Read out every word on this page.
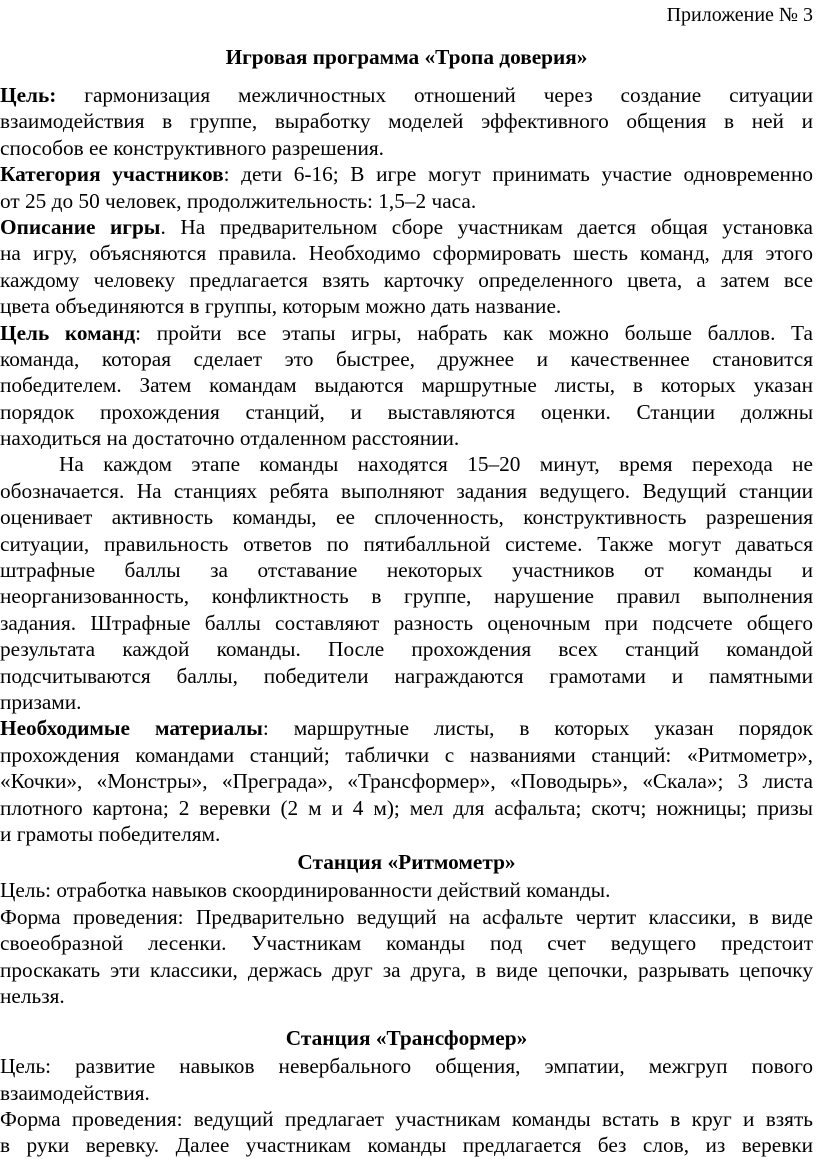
Приложение № 3
Игровая программа «Тропа доверия»
Цель: гармонизация межличностных отношений через создание ситуации
взаимодействия в группе, выработку моделей эффективного общения в ней и
способов ее конструктивного разрешения.
Категория участников: дети 6-16; В игре могут принимать участие одновременно
от 25 до 50 человек, продолжительность: 1,5–2 часа.
Описание игры. На предварительном сборе участникам дается общая установка
на игру, объясняются правила. Необходимо сформировать шесть команд, для этого
каждому человеку предлагается взять карточку определенного цвета, а затем все
цвета объединяются в группы, которым можно дать название.
Цель команд: пройти все этапы игры, набрать как можно больше баллов. Та
команда, которая сделает это быстрее, дружнее и качественнее становится
победителем. Затем командам выдаются маршрутные листы, в которых указан
порядок прохождения станций, и выставляются оценки. Станции должны
находиться на достаточно отдаленном расстоянии.
На каждом этапе команды находятся 15–20 минут, время перехода не
обозначается. На станциях ребята выполняют задания ведущего. Ведущий станции
оценивает активность команды, ее сплоченность, конструктивность разрешения
ситуации, правильность ответов по пятибалльной системе. Также могут даваться
штрафные баллы за отставание некоторых участников от команды и
неорганизованность, конфликтность в группе, нарушение правил выполнения
задания. Штрафные баллы составляют разность оценочным при подсчете общего
результата каждой команды. После прохождения всех станций командой
подсчитываются баллы, победители награждаются грамотами и памятными
призами.
Необходимые материалы: маршрутные листы, в которых указан порядок
прохождения командами станций; таблички с названиями станций: «Ритмометр»,
«Кочки», «Монстры», «Преграда», «Трансформер», «Поводырь», «Скала»; 3 листа
плотного картона; 2 веревки (2 м и 4 м); мел для асфальта; скотч; ножницы; призы
и грамоты победителям.
Станция «Ритмометр»
Цель: отработка навыков скоординированности действий команды.
Форма проведения: Предварительно ведущий на асфальте чертит классики, в виде
своеобразной лесенки. Участникам команды под счет ведущего предстоит
проскакать эти классики, держась друг за друга, в виде цепочки, разрывать цепочку
нельзя.
Станция «Трансформер»
Цель: развитие навыков невербального общения, эмпатии, межгруп пового
взаимодействия.
Форма проведения: ведущий предлагает участникам команды встать в круг и взять
в руки веревку. Далее участникам команды предлагается без слов, из веревки
